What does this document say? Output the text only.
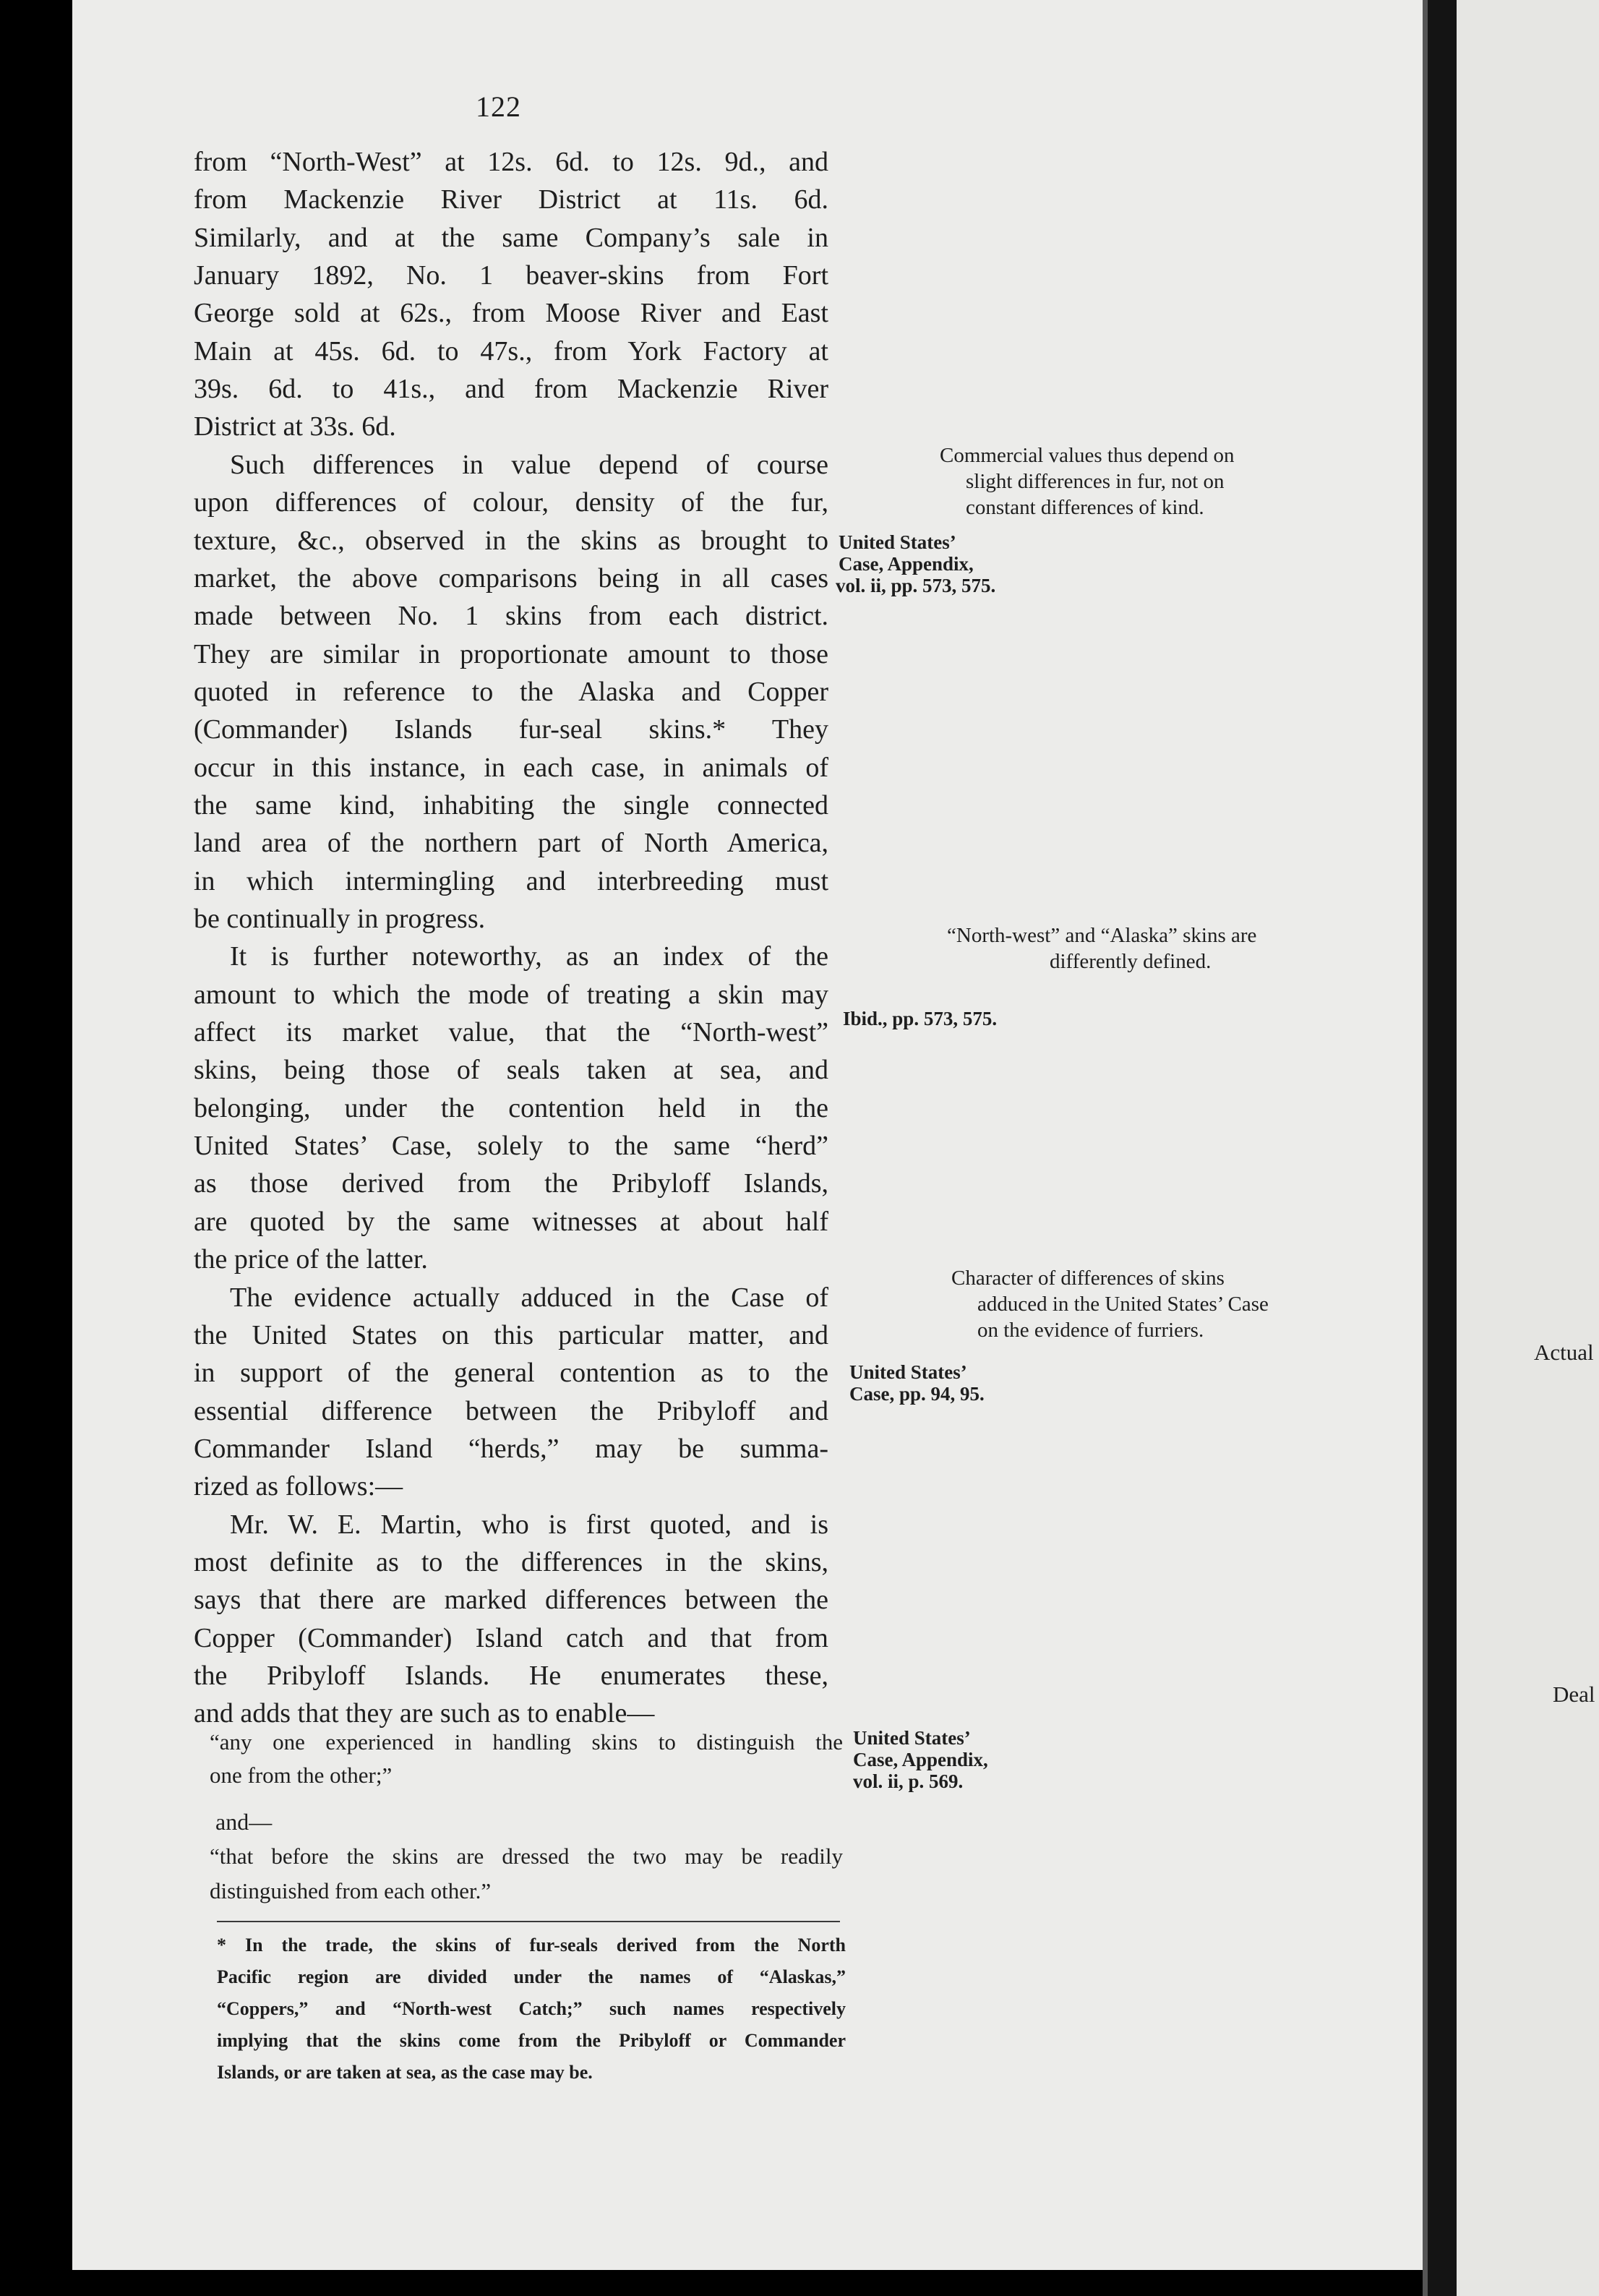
122
from “North-West” at 12s. 6d. to 12s. 9d., and
from Mackenzie River District at 11s. 6d.
Similarly, and at the same Company’s sale in
January 1892, No. 1 beaver-skins from Fort
George sold at 62s., from Moose River and East
Main at 45s. 6d. to 47s., from York Factory at
39s. 6d. to 41s., and from Mackenzie River
District at 33s. 6d.
Such differences in value depend of course
upon differences of colour, density of the fur,
texture, &c., observed in the skins as brought to
market, the above comparisons being in all cases
made between No. 1 skins from each district.
They are similar in proportionate amount to those
quoted in reference to the Alaska and Copper
(Commander) Islands fur-seal skins.* They
occur in this instance, in each case, in animals of
the same kind, inhabiting the single connected
land area of the northern part of North America,
in which intermingling and interbreeding must
be continually in progress.
It is further noteworthy, as an index of the
amount to which the mode of treating a skin may
affect its market value, that the “North-west”
skins, being those of seals taken at sea, and
belonging, under the contention held in the
United States’ Case, solely to the same “herd”
as those derived from the Pribyloff Islands,
are quoted by the same witnesses at about half
the price of the latter.
The evidence actually adduced in the Case of
the United States on this particular matter, and
in support of the general contention as to the
essential difference between the Pribyloff and
Commander Island “herds,” may be summa-
rized as follows:—
Mr. W. E. Martin, who is first quoted, and is
most definite as to the differences in the skins,
says that there are marked differences between the
Copper (Commander) Island catch and that from
the Pribyloff Islands. He enumerates these,
and adds that they are such as to enable—
“any one experienced in handling skins to distinguish the
one from the other;”
and—
“that before the skins are dressed the two may be readily
distinguished from each other.”
* In the trade, the skins of fur-seals derived from the North
Pacific region are divided under the names of “Alaskas,”
“Coppers,” and “North-west Catch;” such names respectively
implying that the skins come from the Pribyloff or Commander
Islands, or are taken at sea, as the case may be.
Commercial values thus depend on
slight differences in fur, not on
constant differences of kind.
“North-west” and “Alaska” skins are
differently defined.
Character of differences of skins
adduced in the United States’ Case
on the evidence of furriers.
United States’
Case, Appendix,
vol. ii, pp. 573, 575.
Ibid., pp. 573, 575.
United States’
Case, pp. 94, 95.
United States’
Case, Appendix,
vol. ii, p. 569.
Actual
Deal
